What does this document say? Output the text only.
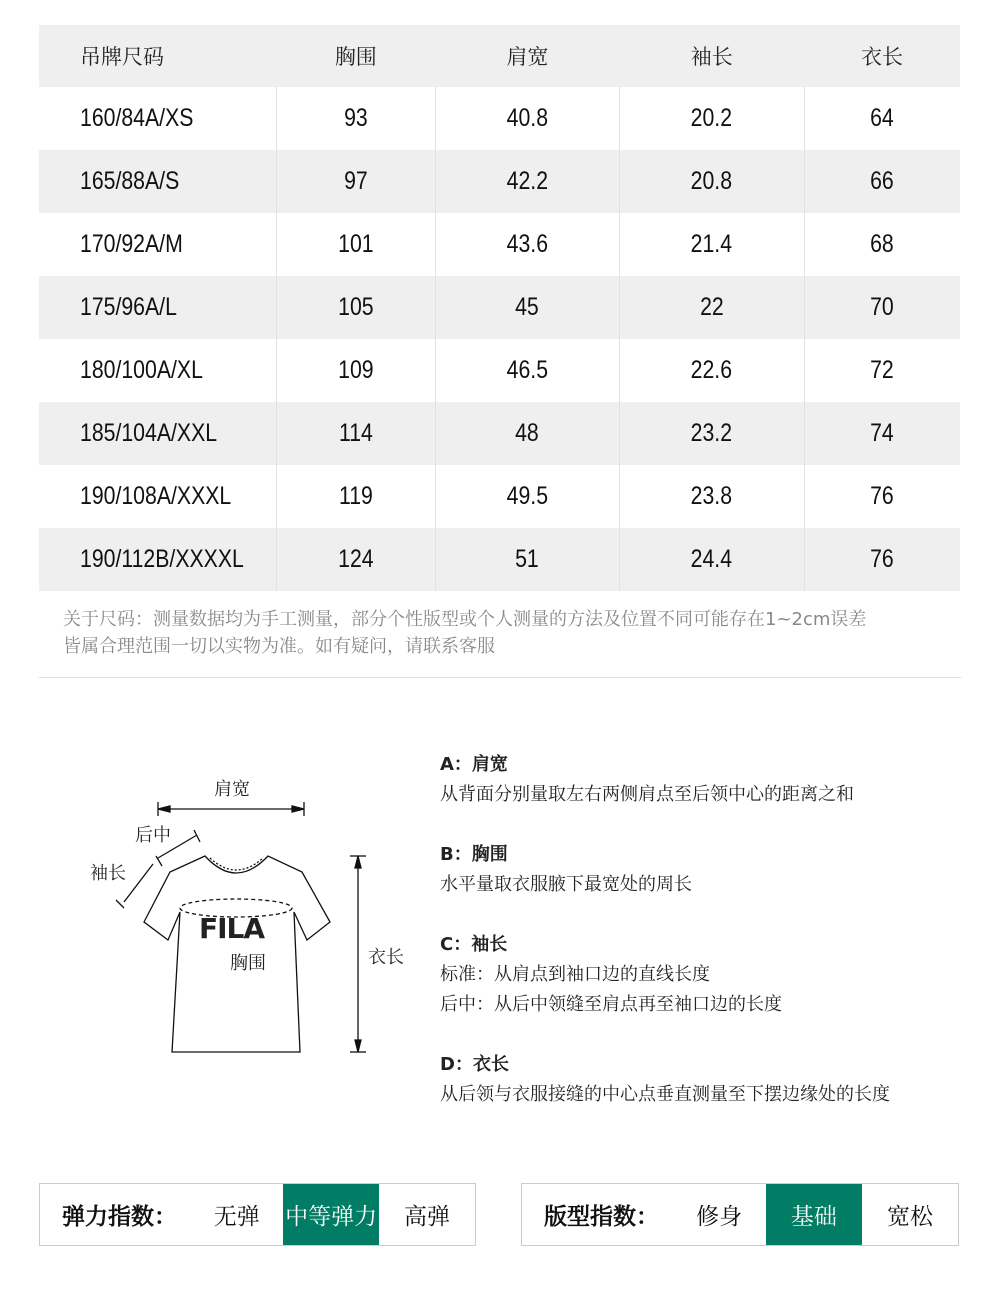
吊牌尺码	胸围	肩宽	袖长	衣长
160/84A/XS	93	40.8	20.2	64
165/88A/S	97	42.2	20.8	66
170/92A/M	101	43.6	21.4	68
175/96A/L	105	45	22	70
180/100A/XL	109	46.5	22.6	72
185/104A/XXL	114	48	23.2	74
190/108A/XXXL	119	49.5	23.8	76
190/112B/XXXXL	124	51	24.4	76
关于尺码：测量数据均为手工测量，部分个性版型或个人测量的方法及位置不同可能存在1~2cm误差
皆属合理范围一切以实物为准。如有疑问，请联系客服
肩宽
后中
袖长
FILA
胸围	衣长
A：肩宽
从背面分别量取左右两侧肩点至后领中心的距离之和
B：胸围
水平量取衣服腋下最宽处的周长
C：袖长
标准：从肩点到袖口边的直线长度
后中：从后中领缝至肩点再至袖口边的长度
D：衣长
从后领与衣服接缝的中心点垂直测量至下摆边缘处的长度
弹力指数：	无弹	中等弹力	高弹	版型指数：	修身	基础	宽松
